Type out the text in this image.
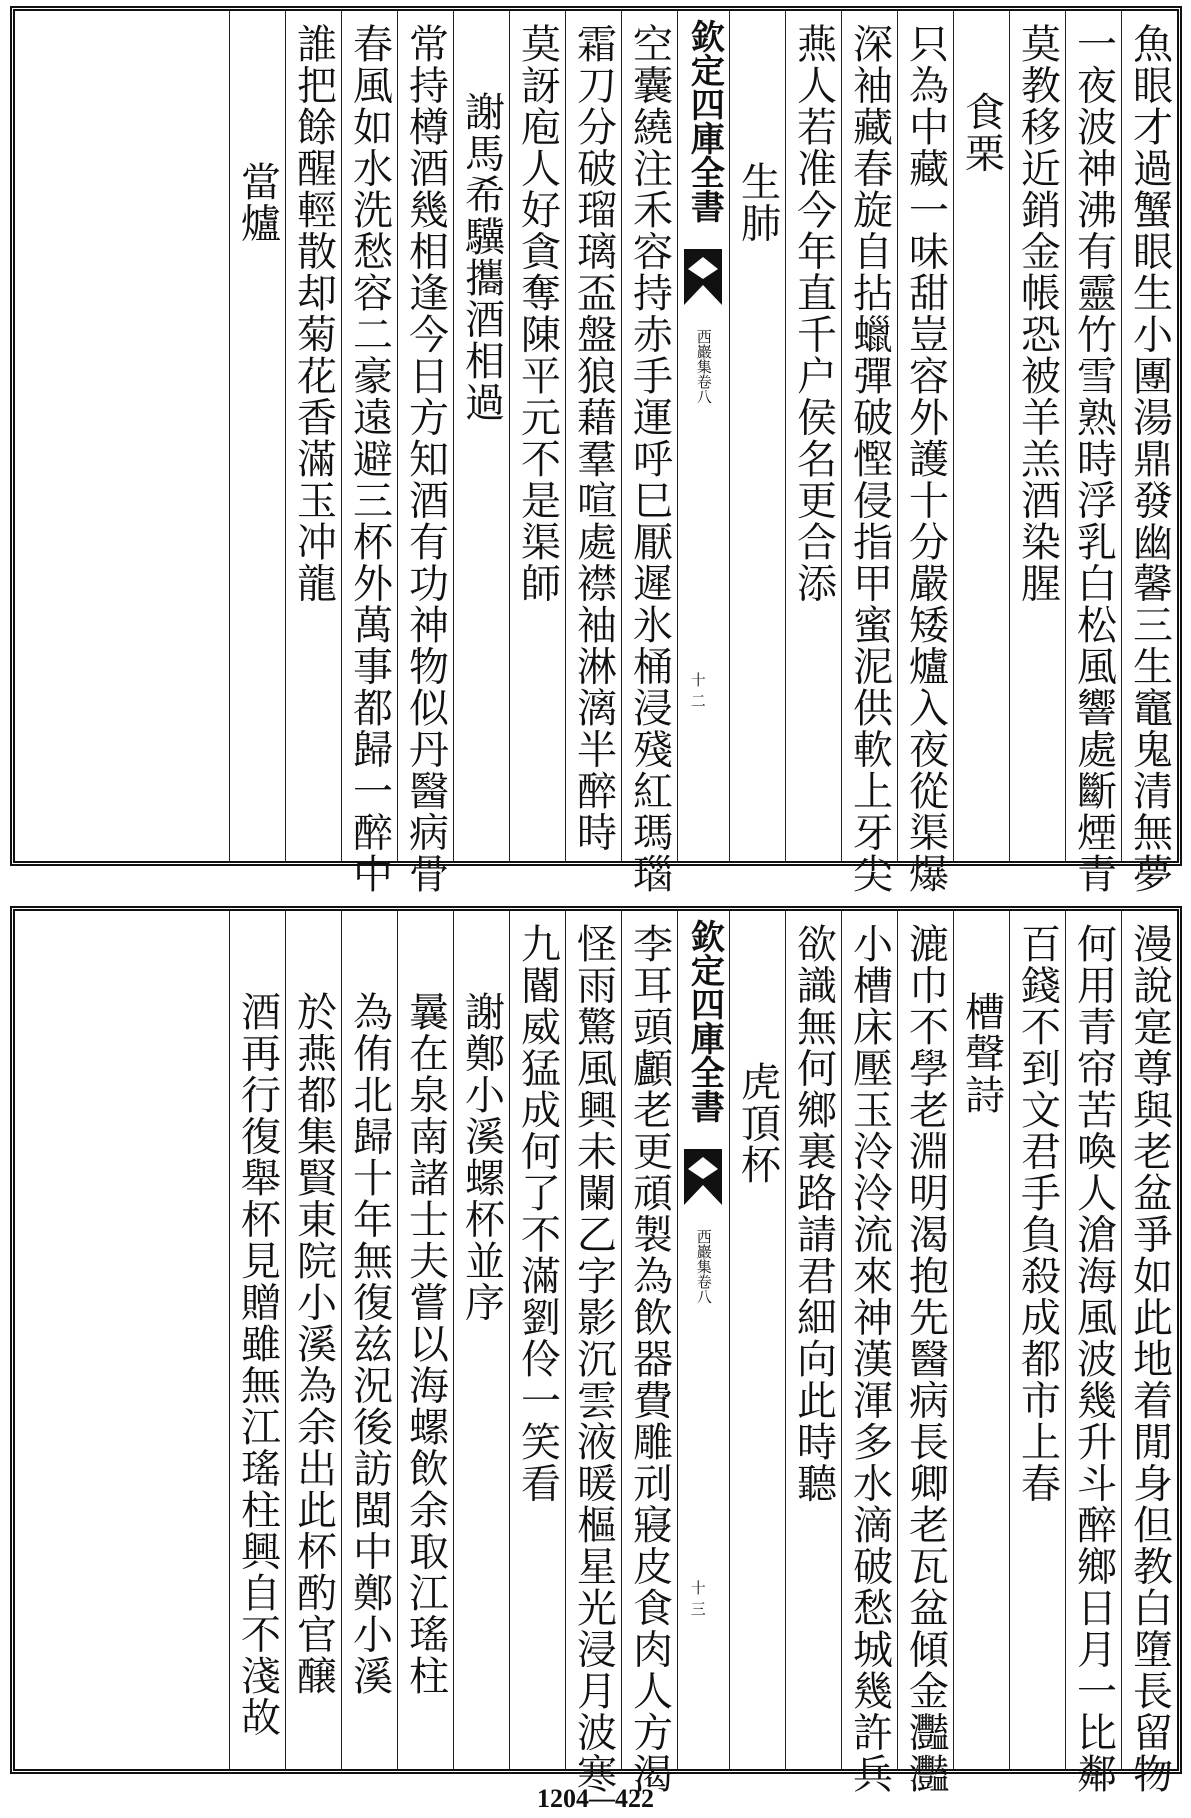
魚眼才過蟹眼生小團湯鼎發幽馨三生竈鬼清無夢
一夜波神沸有靈竹雪熟時浮乳白松風響處斷煙青
莫教移近銷金帳恐被羊羔酒染腥
食栗
只為中藏一味甜豈容外護十分嚴矮爐入夜從渠爆
深袖藏春旋自拈蠟彈破慳侵指甲蜜泥供軟上牙尖
燕人若准今年直千户侯名更合添
生肺
欽定四庫全書
西巖集卷八
十二
空囊繞注禾容持赤手運呼巳厭遲氷桶浸殘紅瑪瑙
霜刀分破瑠璃盃盤狼藉羣喧處襟袖淋漓半醉時
莫訝庖人好貪奪陳平元不是渠師
謝馬希驥攜酒相過
常持樽酒幾相逢今日方知酒有功神物似丹醫病骨
春風如水洗愁容二豪遠避三杯外萬事都歸一醉中
誰把餘醒輕散却菊花香滿玉冲龍
當爐
漫說寔尊與老盆爭如此地着閒身但教白墮長留物
何用青帘苦喚人滄海風波幾升斗醉鄉日月一比鄰
百錢不到文君手負殺成都市上春
槽聲詩
漉巾不學老淵明渴抱先醫病長卿老瓦盆傾金灩灩
小槽床壓玉泠泠流來神漢渾多水滴破愁城幾許兵
欲識無何鄉裏路請君細向此時聽
虎頂杯
欽定四庫全書
西巖集卷八
十三
李耳頭顱老更頑製為飲器費雕刓寢皮食肉人方渴
怪雨驚風興未闌乙字影沉雲液暖樞星光浸月波寒
九閽威猛成何了不滿劉伶一笑看
謝鄭小溪螺杯並序
曩在泉南諸士夫嘗以海螺飲余取江瑤柱
為侑北歸十年無復兹況後訪閩中鄭小溪
於燕都集賢東院小溪為余出此杯酌官醸
酒再行復舉杯見贈雖無江瑤柱興自不淺故
1204—422
